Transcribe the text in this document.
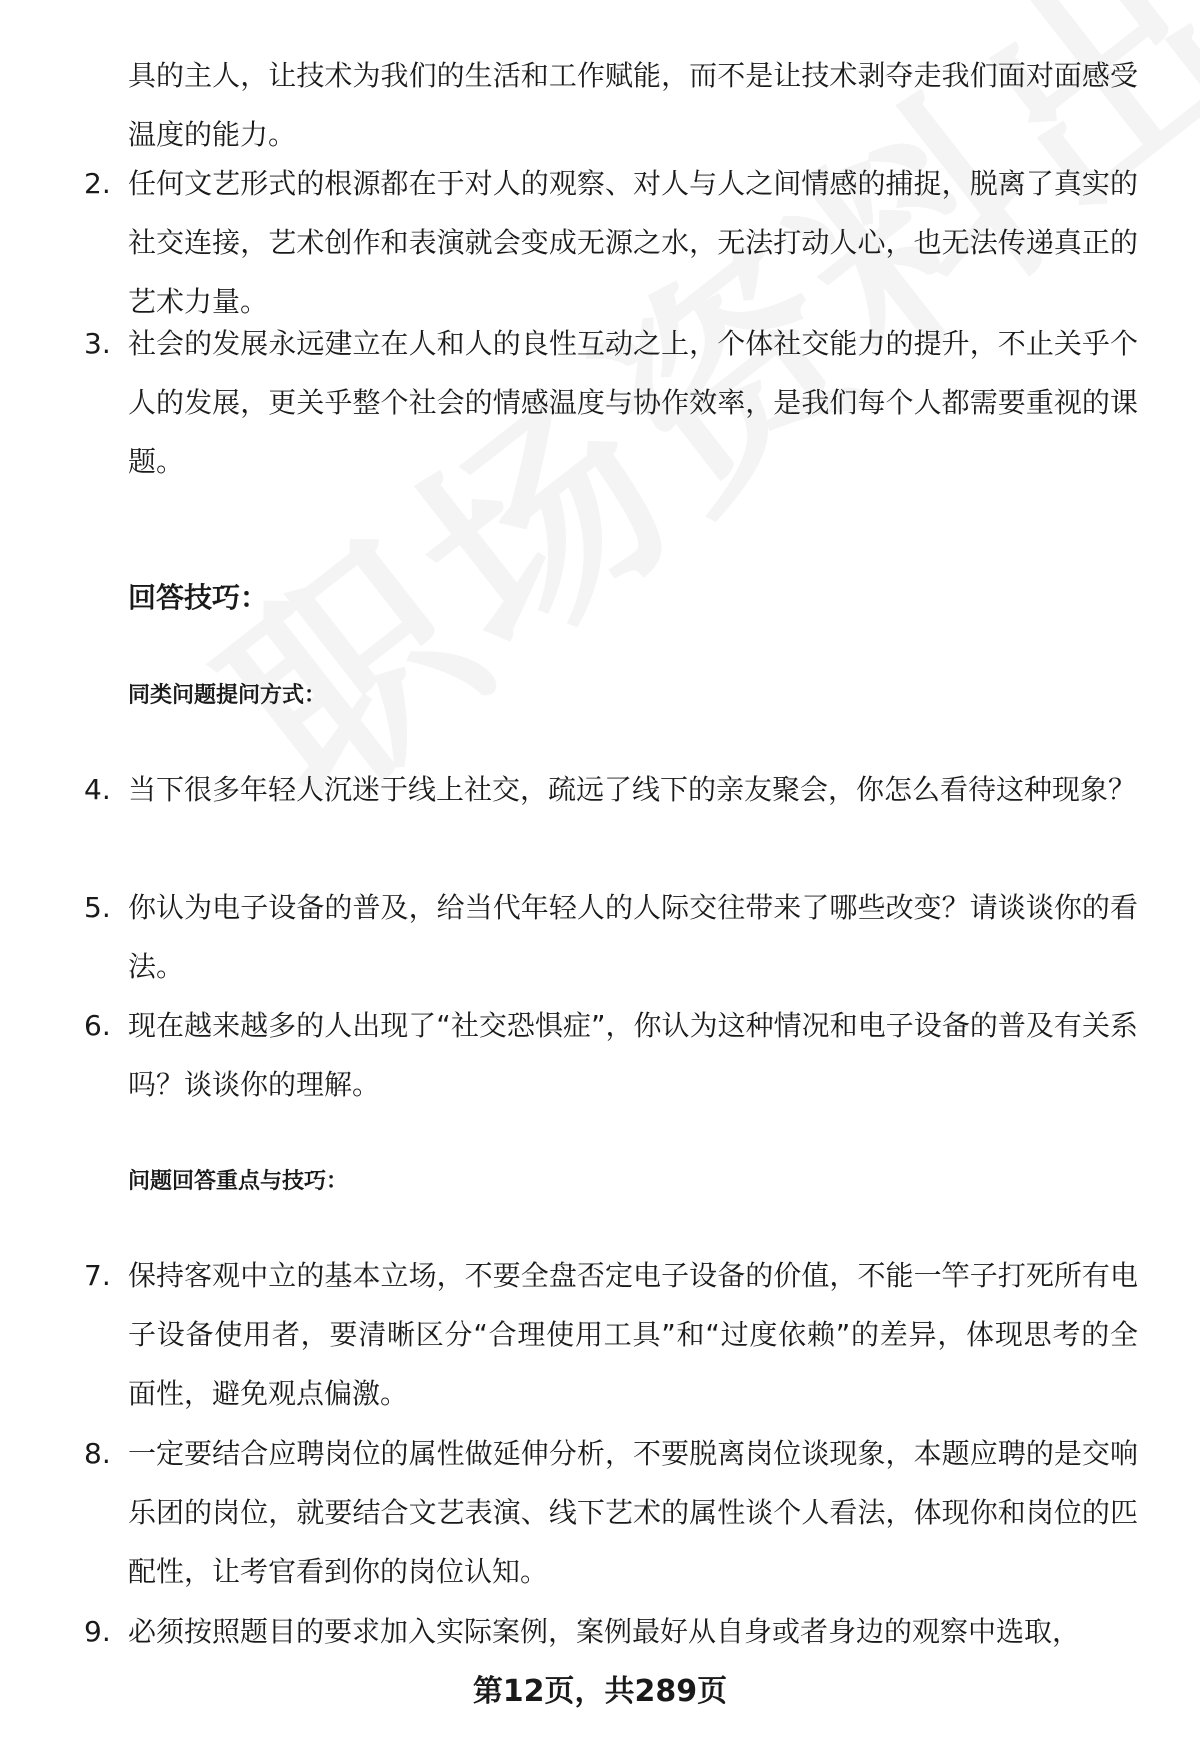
具的主人，让技术为我们的生活和工作赋能，而不是让技术剥夺走我们面对面感受温度的能力。
2. 任何文艺形式的根源都在于对人的观察、对人与人之间情感的捕捉，脱离了真实的社交连接，艺术创作和表演就会变成无源之水，无法打动人心，也无法传递真正的艺术力量。
3. 社会的发展永远建立在人和人的良性互动之上，个体社交能力的提升，不止关乎个人的发展，更关乎整个社会的情感温度与协作效率，是我们每个人都需要重视的课题。
回答技巧：
同类问题提问方式：
4. 当下很多年轻人沉迷于线上社交，疏远了线下的亲友聚会，你怎么看待这种现象？
5. 你认为电子设备的普及，给当代年轻人的人际交往带来了哪些改变？请谈谈你的看法。
6. 现在越来越多的人出现了“社交恐惧症”，你认为这种情况和电子设备的普及有关系吗？谈谈你的理解。
问题回答重点与技巧：
7. 保持客观中立的基本立场，不要全盘否定电子设备的价值，不能一竿子打死所有电子设备使用者，要清晰区分“合理使用工具”和“过度依赖”的差异，体现思考的全面性，避免观点偏激。
8. 一定要结合应聘岗位的属性做延伸分析，不要脱离岗位谈现象，本题应聘的是交响乐团的岗位，就要结合文艺表演、线下艺术的属性谈个人看法，体现你和岗位的匹配性，让考官看到你的岗位认知。
9. 必须按照题目的要求加入实际案例，案例最好从自身或者身边的观察中选取，
第12页，共289页
